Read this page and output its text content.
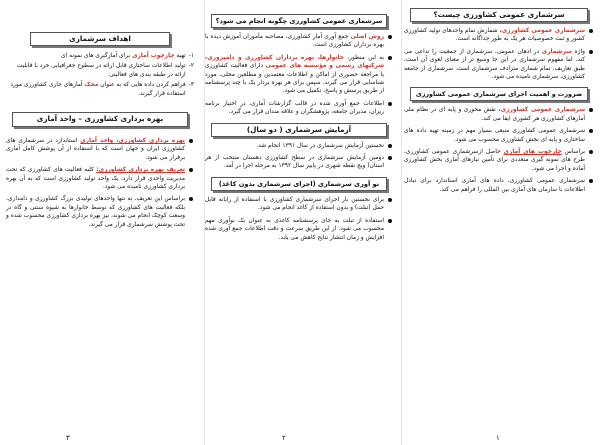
سرشماری عمومی کشاورزی چیست؟
سرشماری عمومی کشاورزی، شمارش تمام واحدهای تولید کشاورزی کشور و ثبت خصوصیات هر یک به طور جداگانه است.
واژه سرشماری در اذهان عمومی، سرشماری از جمعیت را تداعی می کند. اما مفهوم سرشماری در این جا وسیع تر از معنای لغوی آن است. طبق تعاریف، تمام شماری مترادف سرشماری است. سرشماری از جامعه کشاورزی، سرشماری نامیده می شود.
ضرورت و اهمیت اجرای سرشماری عمومی کشاورزی
سرشماری عمومی کشاورزی، نقش محوری و پایه ای در نظام ملی آمارهای کشاورزی هر کشوری ایفا می کند.
سرشماری عمومی کشاورزی منبعی بسیار مهم در زمینه تهیه داده های ساختاری و پایه ای بخش کشاورزی محسوب می شود.
براساس چارچوب های آماری حاصل ازسرشماری عمومی کشاورزی، طرح های نمونه گیری متعددی برای تأمین نیازهای آماری بخش کشاورزی آماده و اجرا می شود.
سرشماری عمومی کشاورزی، داده های آماری استاندارد برای تبادل اطلاعات با سازمان های آماری بین المللی را فراهم می کند.
سرشماری عمومی کشاورزی چگونه انجام می شود؟
روش اصلی جمع آوری آمار کشاورزی، مصاحبه مأموران آموزش دیده با بهره برداران کشاورزی است.
به این منظور، خانوارها، بهره برداران کشاورزی و دامپروری، شرکتهای رسمی و مؤسسه های عمومی دارای فعالیت کشاورزی با مراجعه حضوری از اماکن و اطلاعات معتمدین و مطلعین محلی، مورد شناسایی قرار می گیرند. سپس برای هر بهره بردار یک یا چند پرسشنامه از طریق پرسش و پاسخ، تکمیل می شود.
اطلاعات جمع آوری شده در قالب گزارشات آماری، در اختیار برنامه ریزان، مدیران جامعه، پژوهشگران و علاقه مندان قرار می گیرد.
آزمایش سرشماری ( دو سال)
نخستین آزمایش سرشماری در سال ۱۳۹۱ انجام شد.
دومین آزمایش سرشماری در سطح کشاورزی دهستان منتخب از هر استان( ویچ نقطه شهری در پاییز سال ۱۳۹۲ به مرحله اجرا در آمد.
نو آوری سرشماری (اجرای سرشماری بدون کاغذ)
برای نخستین بار اجرای سرشماری کشاورزی با استفاده از رایانه قابل حمل (تبلت) و بدون استفاده از کاغذ انجام می شود.
استفاده از تبلت به جای پرسشنامه کاغذی به عنوان یک نوآوری مهم محسوب می شود. از این طریق سرعت و دقت اطلاعات جمع آوری شده افزایش و زمان انتشار نتایج کاهش می یابد.
اهداف سرشماری
۱-
تهیه چارچوب آماری برای آمارگیری های نمونه ای
۲-
تولید اطلاعات ساختاری قابل ارائه در سطوح جغرافیایی خرد با قابلیت ارائه در طبقه بندی های فعالیتی
۳-
فراهم کردن داده هایی که به عنوان محک آمارهای جاری کشاورزی مورد استفاده قرار گیرند.
بهره برداری کشاورزی – واحد آماری
بهره برداری کشاورزی، واحد آماری استاندارد در سرشماری های کشاورزی ایران و جهان است که با استفاده از آن پوشش کامل آماری برقرار می شود.
تعریف بهره برداری کشاورزی: کلیه فعالیت های کشاورزی که تحت مدیریت واحدی قرار دارد، یک واحد تولید کشاورزی است که به آن بهره برداری کشاورزی نامیده می شود.
براساس این تعریف، نه تنها واحدهای تولیدی بزرگ کشاورزی و دامداری، بلکه فعالیت های کشاورزی که توسط خانوارها به شیوه سنتی و گاه در وسعت کوچک انجام می شوند، نیز بهره برداری کشاورزی محسوب شده و تحت پوشش سرشماری قرار می گیرند.
۱
۲
۳
